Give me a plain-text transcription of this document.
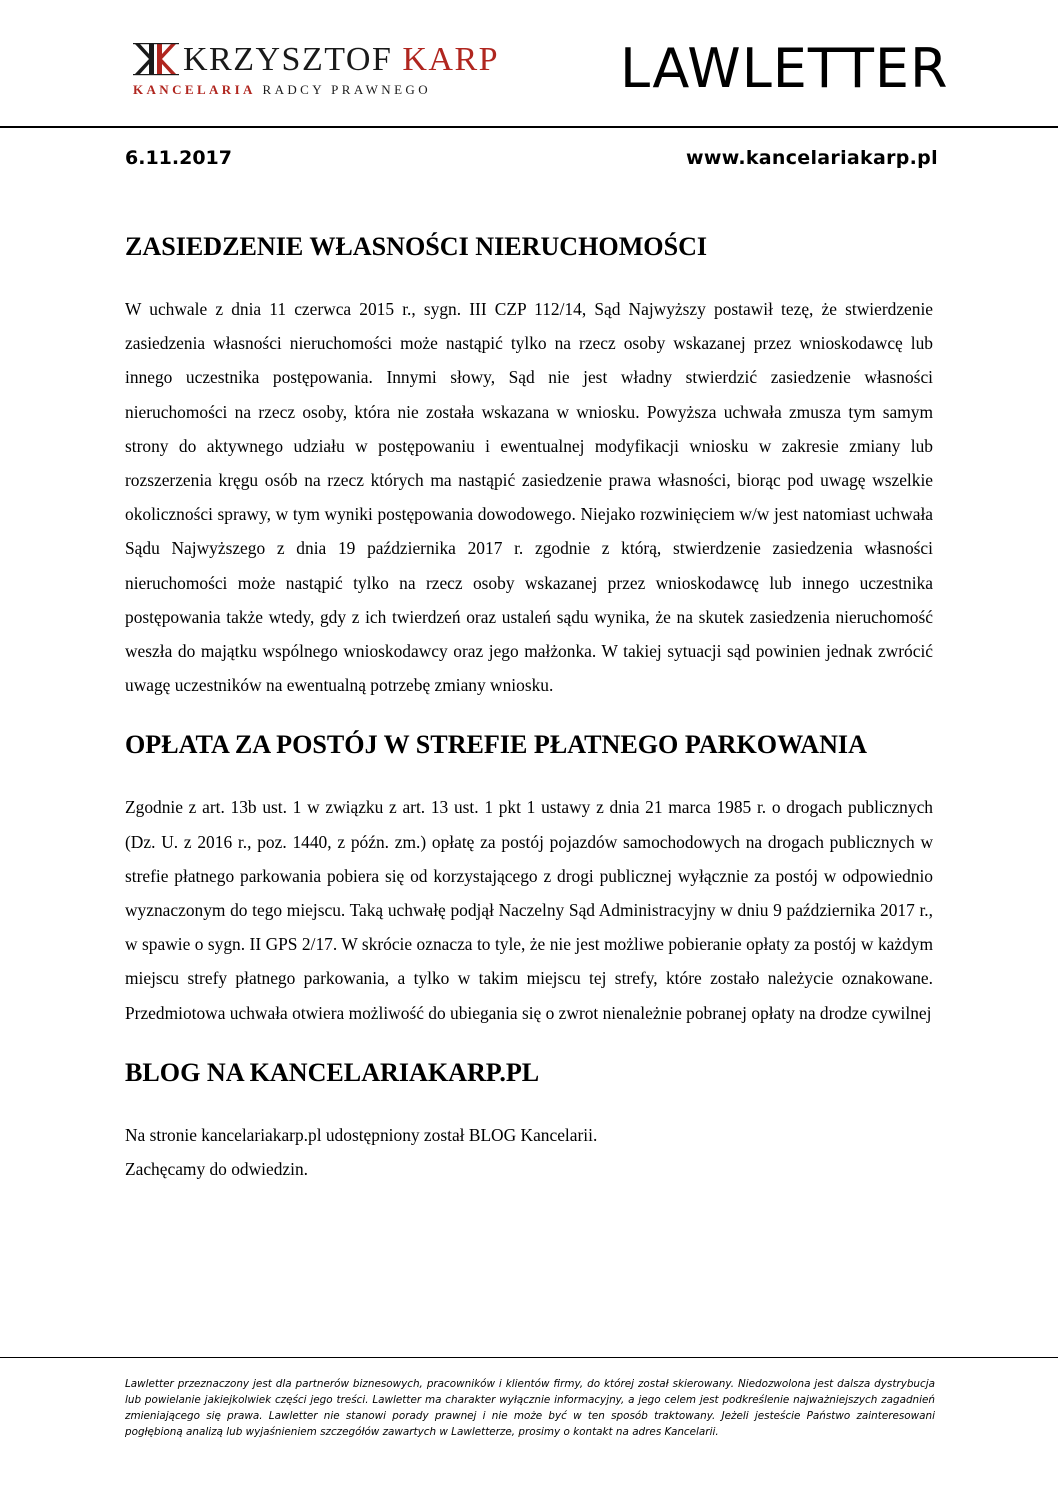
KRZYSZTOF KARP
KANCELARIA RADCY PRAWNEGO	LAWLETTER
6.11.2017	www.kancelariakarp.pl
ZASIEDZENIE WŁASNOŚCI NIERUCHOMOŚCI

W uchwale z dnia 11 czerwca 2015 r., sygn. III CZP 112/14, Sąd Najwyższy postawił tezę, że stwierdzenie zasiedzenia własności nieruchomości może nastąpić tylko na rzecz osoby wskazanej przez wnioskodawcę lub innego uczestnika postępowania. Innymi słowy, Sąd nie jest władny stwierdzić zasiedzenie własności nieruchomości na rzecz osoby, która nie została wskazana w wniosku. Powyższa uchwała zmusza tym samym strony do aktywnego udziału w postępowaniu i ewentualnej modyfikacji wniosku w zakresie zmiany lub rozszerzenia kręgu osób na rzecz których ma nastąpić zasiedzenie prawa własności, biorąc pod uwagę wszelkie okoliczności sprawy, w tym wyniki postępowania dowodowego. Niejako rozwinięciem w/w jest natomiast uchwała Sądu Najwyższego z dnia 19 października 2017 r. zgodnie z którą, stwierdzenie zasiedzenia własności nieruchomości może nastąpić tylko na rzecz osoby wskazanej przez wnioskodawcę lub innego uczestnika postępowania także wtedy, gdy z ich twierdzeń oraz ustaleń sądu wynika, że na skutek zasiedzenia nieruchomość weszła do majątku wspólnego wnioskodawcy oraz jego małżonka. W takiej sytuacji sąd powinien jednak zwrócić uwagę uczestników na ewentualną potrzebę zmiany wniosku.

OPŁATA ZA POSTÓJ W STREFIE PŁATNEGO PARKOWANIA

Zgodnie z art. 13b ust. 1 w związku z art. 13 ust. 1 pkt 1 ustawy z dnia 21 marca 1985 r. o drogach publicznych (Dz. U. z 2016 r., poz. 1440, z późn. zm.) opłatę za postój pojazdów samochodowych na drogach publicznych w strefie płatnego parkowania pobiera się od korzystającego z drogi publicznej wyłącznie za postój w odpowiednio wyznaczonym do tego miejscu. Taką uchwałę podjął Naczelny Sąd Administracyjny w dniu 9 października 2017 r., w spawie o sygn. II GPS 2/17. W skrócie oznacza to tyle, że nie jest możliwe pobieranie opłaty za postój w każdym miejscu strefy płatnego parkowania, a tylko w takim miejscu tej strefy, które zostało należycie oznakowane. Przedmiotowa uchwała otwiera możliwość do ubiegania się o zwrot nienależnie pobranej opłaty na drodze cywilnej

BLOG NA KANCELARIAKARP.PL

Na stronie kancelariakarp.pl udostępniony został BLOG Kancelarii.
Zachęcamy do odwiedzin.

Lawletter przeznaczony jest dla partnerów biznesowych, pracowników i klientów firmy, do której został skierowany. Niedozwolona jest dalsza dystrybucja lub powielanie jakiejkolwiek części jego treści. Lawletter ma charakter wyłącznie informacyjny, a jego celem jest podkreślenie najważniejszych zagadnień zmieniającego się prawa. Lawletter nie stanowi porady prawnej i nie może być w ten sposób traktowany. Jeżeli jesteście Państwo zainteresowani pogłębioną analizą lub wyjaśnieniem szczegółów zawartych w Lawletterze, prosimy o kontakt na adres Kancelarii.
